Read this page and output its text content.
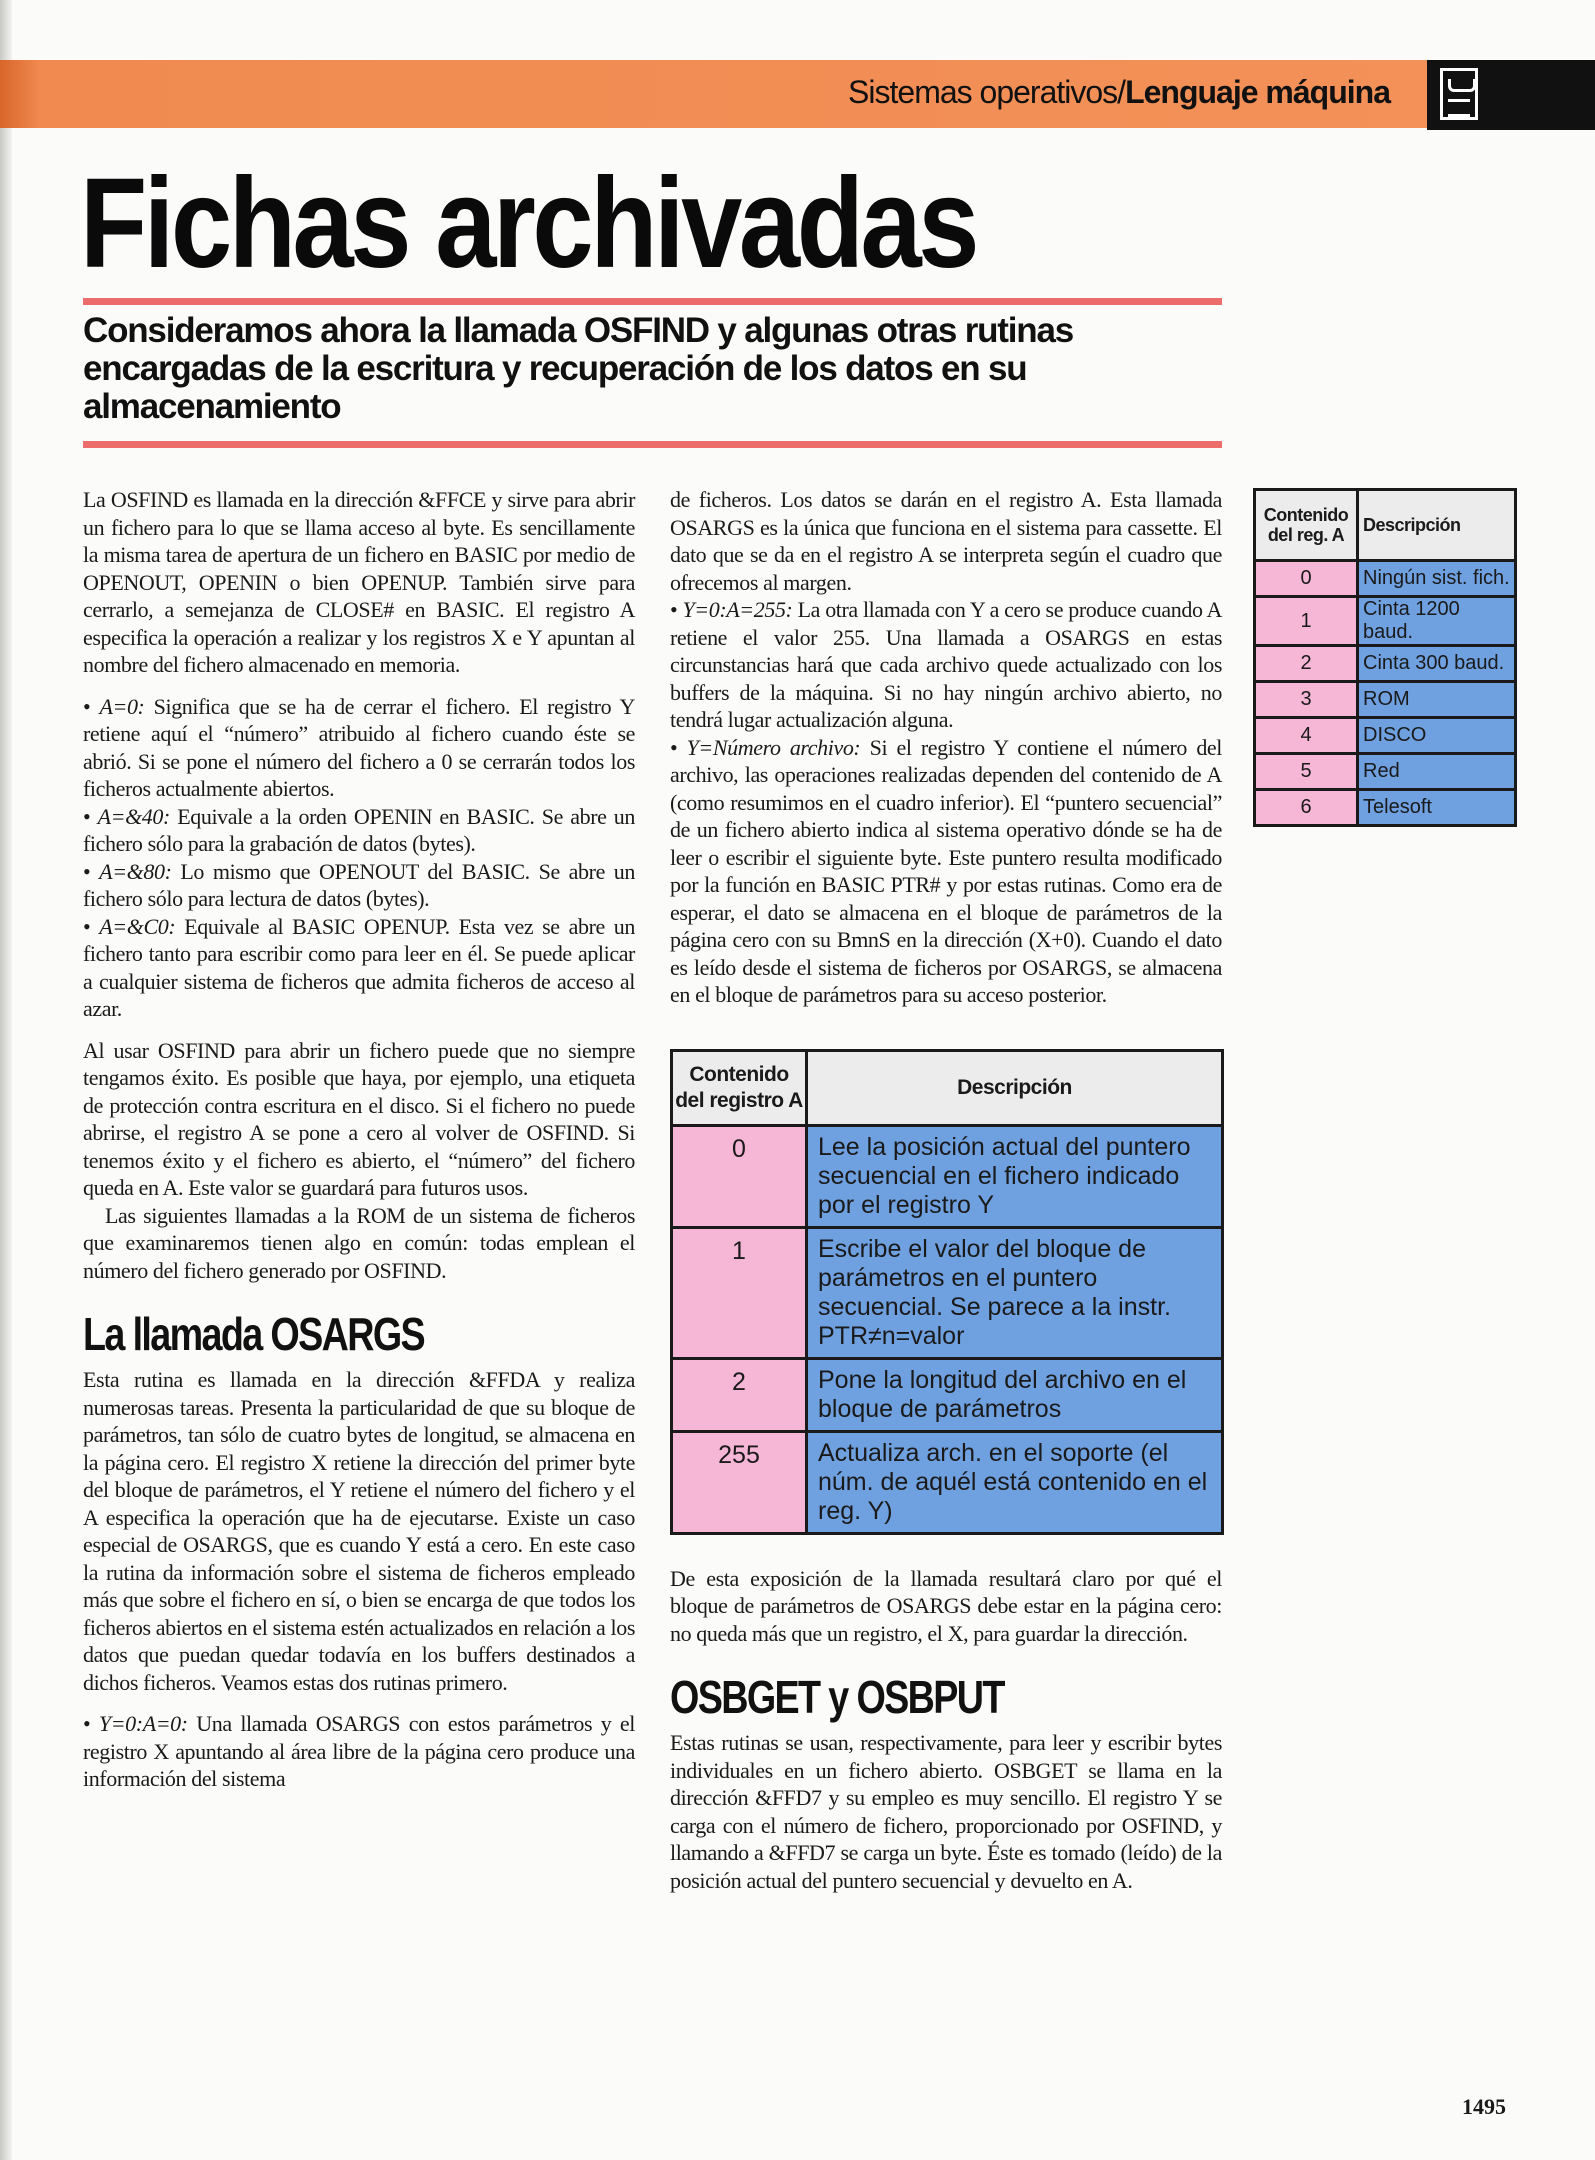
Sistemas operativos/Lenguaje máquina
Fichas archivadas
Consideramos ahora la llamada OSFIND y algunas otras rutinas encargadas de la escritura y recuperación de los datos en su almacenamiento

La OSFIND es llamada en la dirección &FFCE y sirve para abrir un fichero para lo que se llama acceso al byte. Es sencillamente la misma tarea de apertura de un fichero en BASIC por medio de OPENOUT, OPENIN o bien OPENUP. También sirve para cerrarlo, a semejanza de CLOSE# en BASIC. El registro A especifica la operación a realizar y los registros X e Y apuntan al nombre del fichero almacenado en memoria.

• A=0: Significa que se ha de cerrar el fichero. El registro Y retiene aquí el “número” atribuido al fichero cuando éste se abrió. Si se pone el número del fichero a 0 se cerrarán todos los ficheros actualmente abiertos.

• A=&40: Equivale a la orden OPENIN en BASIC. Se abre un fichero sólo para la grabación de datos (bytes).

• A=&80: Lo mismo que OPENOUT del BASIC. Se abre un fichero sólo para lectura de datos (bytes).

• A=&C0: Equivale al BASIC OPENUP. Esta vez se abre un fichero tanto para escribir como para leer en él. Se puede aplicar a cualquier sistema de ficheros que admita ficheros de acceso al azar.

Al usar OSFIND para abrir un fichero puede que no siempre tengamos éxito. Es posible que haya, por ejemplo, una etiqueta de protección contra escritura en el disco. Si el fichero no puede abrirse, el registro A se pone a cero al volver de OSFIND. Si tenemos éxito y el fichero es abierto, el “número” del fichero queda en A. Este valor se guardará para futuros usos.

Las siguientes llamadas a la ROM de un sistema de ficheros que examinaremos tienen algo en común: todas emplean el número del fichero generado por OSFIND.

La llamada OSARGS

Esta rutina es llamada en la dirección &FFDA y realiza numerosas tareas. Presenta la particularidad de que su bloque de parámetros, tan sólo de cuatro bytes de longitud, se almacena en la página cero. El registro X retiene la dirección del primer byte del bloque de parámetros, el Y retiene el número del fichero y el A especifica la operación que ha de ejecutarse. Existe un caso especial de OSARGS, que es cuando Y está a cero. En este caso la rutina da información sobre el sistema de ficheros empleado más que sobre el fichero en sí, o bien se encarga de que todos los ficheros abiertos en el sistema estén actualizados en relación a los datos que puedan quedar todavía en los buffers destinados a dichos ficheros. Veamos estas dos rutinas primero.

• Y=0:A=0: Una llamada OSARGS con estos parámetros y el registro X apuntando al área libre de la página cero produce una información del sistema

de ficheros. Los datos se darán en el registro A. Esta llamada OSARGS es la única que funciona en el sistema para cassette. El dato que se da en el registro A se interpreta según el cuadro que ofrecemos al margen.

• Y=0:A=255: La otra llamada con Y a cero se produce cuando A retiene el valor 255. Una llamada a OSARGS en estas circunstancias hará que cada archivo quede actualizado con los buffers de la máquina. Si no hay ningún archivo abierto, no tendrá lugar actualización alguna.

• Y=Número archivo: Si el registro Y contiene el número del archivo, las operaciones realizadas dependen del contenido de A (como resumimos en el cuadro inferior). El “puntero secuencial” de un fichero abierto indica al sistema operativo dónde se ha de leer o escribir el siguiente byte. Este puntero resulta modificado por la función en BASIC PTR# y por estas rutinas. Como era de esperar, el dato se almacena en el bloque de parámetros de la página cero con su BmnS en la dirección (X+0). Cuando el dato es leído desde el sistema de ficheros por OSARGS, se almacena en el bloque de parámetros para su acceso posterior.

Contenido del registro A	Descripción
0	Lee la posición actual del puntero secuencial en el fichero indicado por el registro Y
1	Escribe el valor del bloque de parámetros en el puntero secuencial. Se parece a la instr. PTR≠n=valor
2	Pone la longitud del archivo en el bloque de parámetros
255	Actualiza arch. en el soporte (el núm. de aquél está contenido en el reg. Y)

De esta exposición de la llamada resultará claro por qué el bloque de parámetros de OSARGS debe estar en la página cero: no queda más que un registro, el X, para guardar la dirección.

OSBGET y OSBPUT

Estas rutinas se usan, respectivamente, para leer y escribir bytes individuales en un fichero abierto. OSBGET se llama en la dirección &FFD7 y su empleo es muy sencillo. El registro Y se carga con el número de fichero, proporcionado por OSFIND, y llamando a &FFD7 se carga un byte. Éste es tomado (leído) de la posición actual del puntero secuencial y devuelto en A.

Contenido del reg. A	Descripción
0	Ningún sist. fich.
1	Cinta 1200 baud.
2	Cinta 300 baud.
3	ROM
4	DISCO
5	Red
6	Telesoft
1495
